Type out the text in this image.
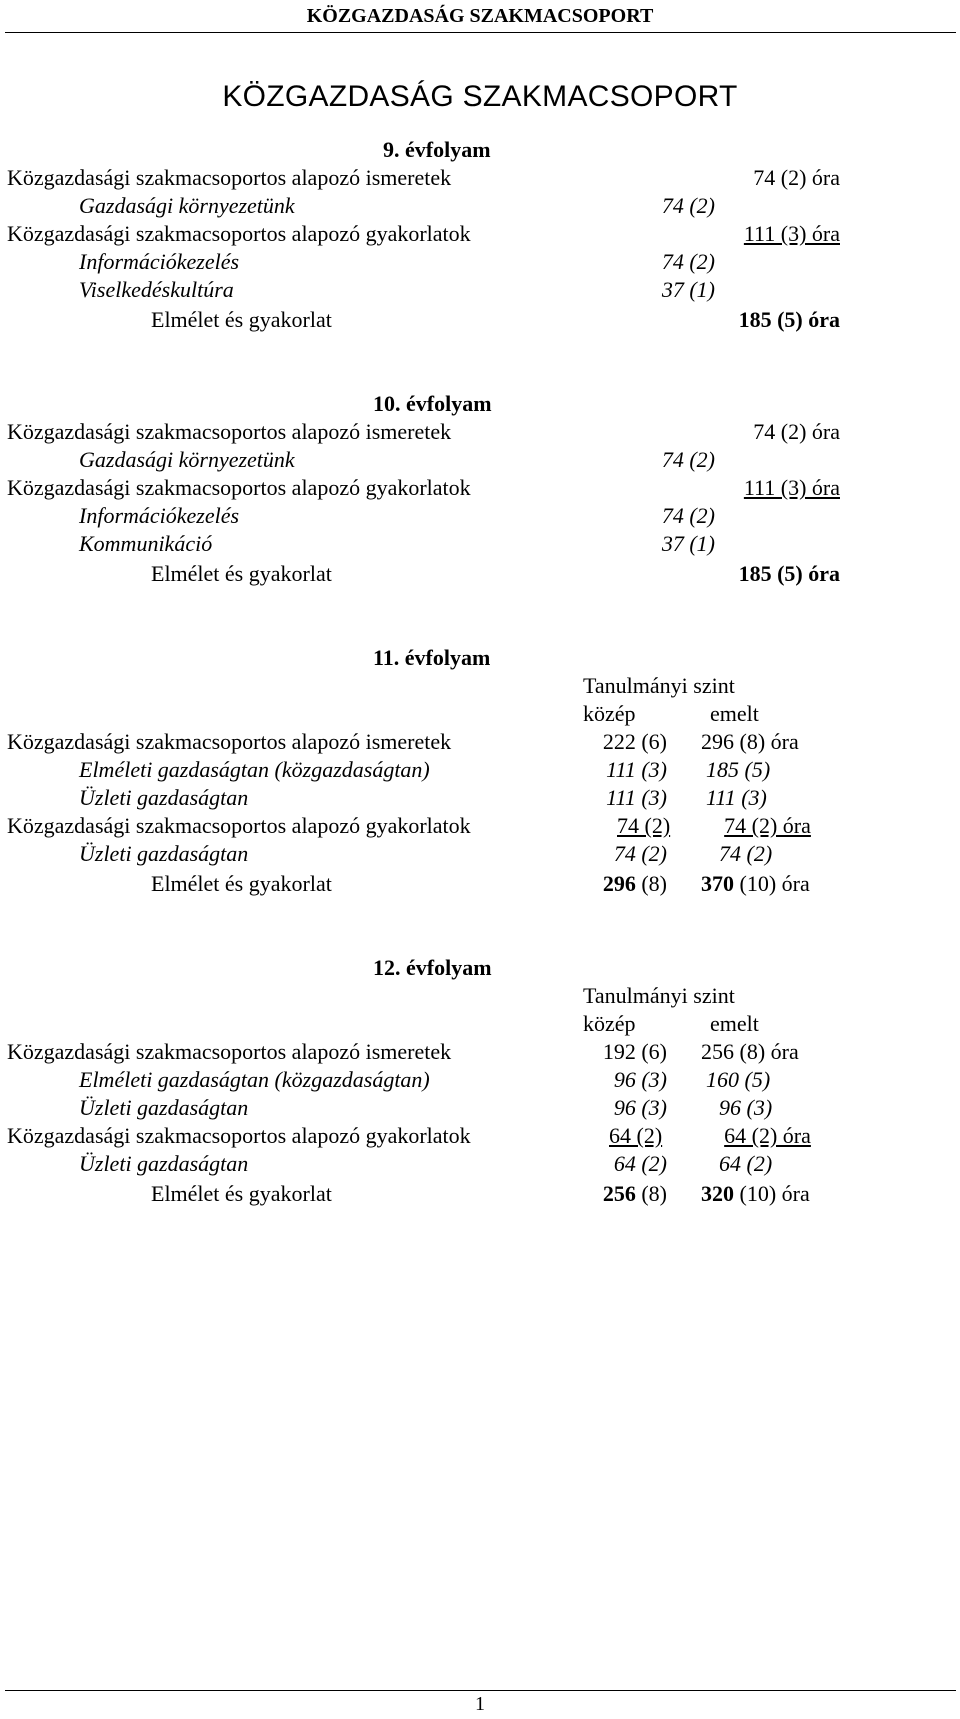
KÖZGAZDASÁG SZAKMACSOPORT
KÖZGAZDASÁG SZAKMACSOPORT
9. évfolyam
Közgazdasági szakmacsoportos alapozó ismeretek	74 (2) óra
Gazdasági környezetünk	74 (2)
Közgazdasági szakmacsoportos alapozó gyakorlatok	111 (3) óra
Információkezelés	74 (2)
Viselkedéskultúra	37 (1)
Elmélet és gyakorlat	185 (5) óra
10. évfolyam
Közgazdasági szakmacsoportos alapozó ismeretek	74 (2) óra
Gazdasági környezetünk	74 (2)
Közgazdasági szakmacsoportos alapozó gyakorlatok	111 (3) óra
Információkezelés	74 (2)
Kommunikáció	37 (1)
Elmélet és gyakorlat	185 (5) óra
11. évfolyam
Tanulmányi szint
közép	emelt
Közgazdasági szakmacsoportos alapozó ismeretek	222 (6) 296 (8) óra
Elméleti gazdaságtan (közgazdaságtan)	111 (3) 185 (5)
Üzleti gazdaságtan	111 (3) 111 (3)
Közgazdasági szakmacsoportos alapozó gyakorlatok	74 (2) 74 (2) óra
Üzleti gazdaságtan	74 (2) 74 (2)
Elmélet és gyakorlat	296 (8) 370 (10) óra
12. évfolyam
Tanulmányi szint
közép	emelt
Közgazdasági szakmacsoportos alapozó ismeretek	192 (6) 256 (8) óra
Elméleti gazdaságtan (közgazdaságtan)	96 (3) 160 (5)
Üzleti gazdaságtan	96 (3) 96 (3)
Közgazdasági szakmacsoportos alapozó gyakorlatok	64 (2)	64 (2) óra
Üzleti gazdaságtan	64 (2) 64 (2)
Elmélet és gyakorlat	256 (8) 320 (10) óra
1
